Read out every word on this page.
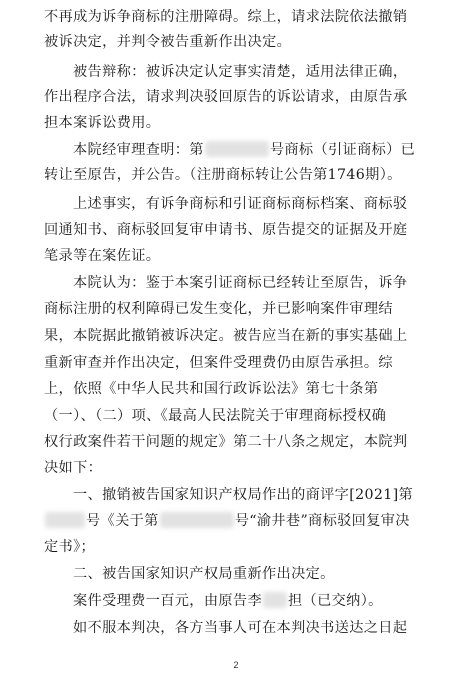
不再成为诉争商标的注册障碍。综上，请求法院依法撤销
被诉决定，并判令被告重新作出决定。
被告辩称：被诉决定认定事实清楚，适用法律正确，
作出程序合法，请求判决驳回原告的诉讼请求，由原告承
担本案诉讼费用。
本院经审理查明：第	号商标（引证商标）已
转让至原告，并公告。（注册商标转让公告第1746期）。
上述事实，有诉争商标和引证商标商标档案、商标驳
回通知书、商标驳回复审申请书、原告提交的证据及开庭
笔录等在案佐证。
本院认为：鉴于本案引证商标已经转让至原告，诉争
商标注册的权利障碍已发生变化，并已影响案件审理结
果，本院据此撤销被诉决定。被告应当在新的事实基础上
重新审查并作出决定，但案件受理费仍由原告承担。综
上，依照《中华人民共和国行政诉讼法》第七十条第
（一）、（二）项、《最高人民法院关于审理商标授权确
权行政案件若干问题的规定》第二十八条之规定，本院判
决如下：
一、撤销被告国家知识产权局作出的商评字[2021]第
号《关于第	号“渝井巷”商标驳回复审决
定书》；
二、被告国家知识产权局重新作出决定。
案件受理费一百元，由原告李 担（已交纳）。
如不服本判决，各方当事人可在本判决书送达之日起
2
